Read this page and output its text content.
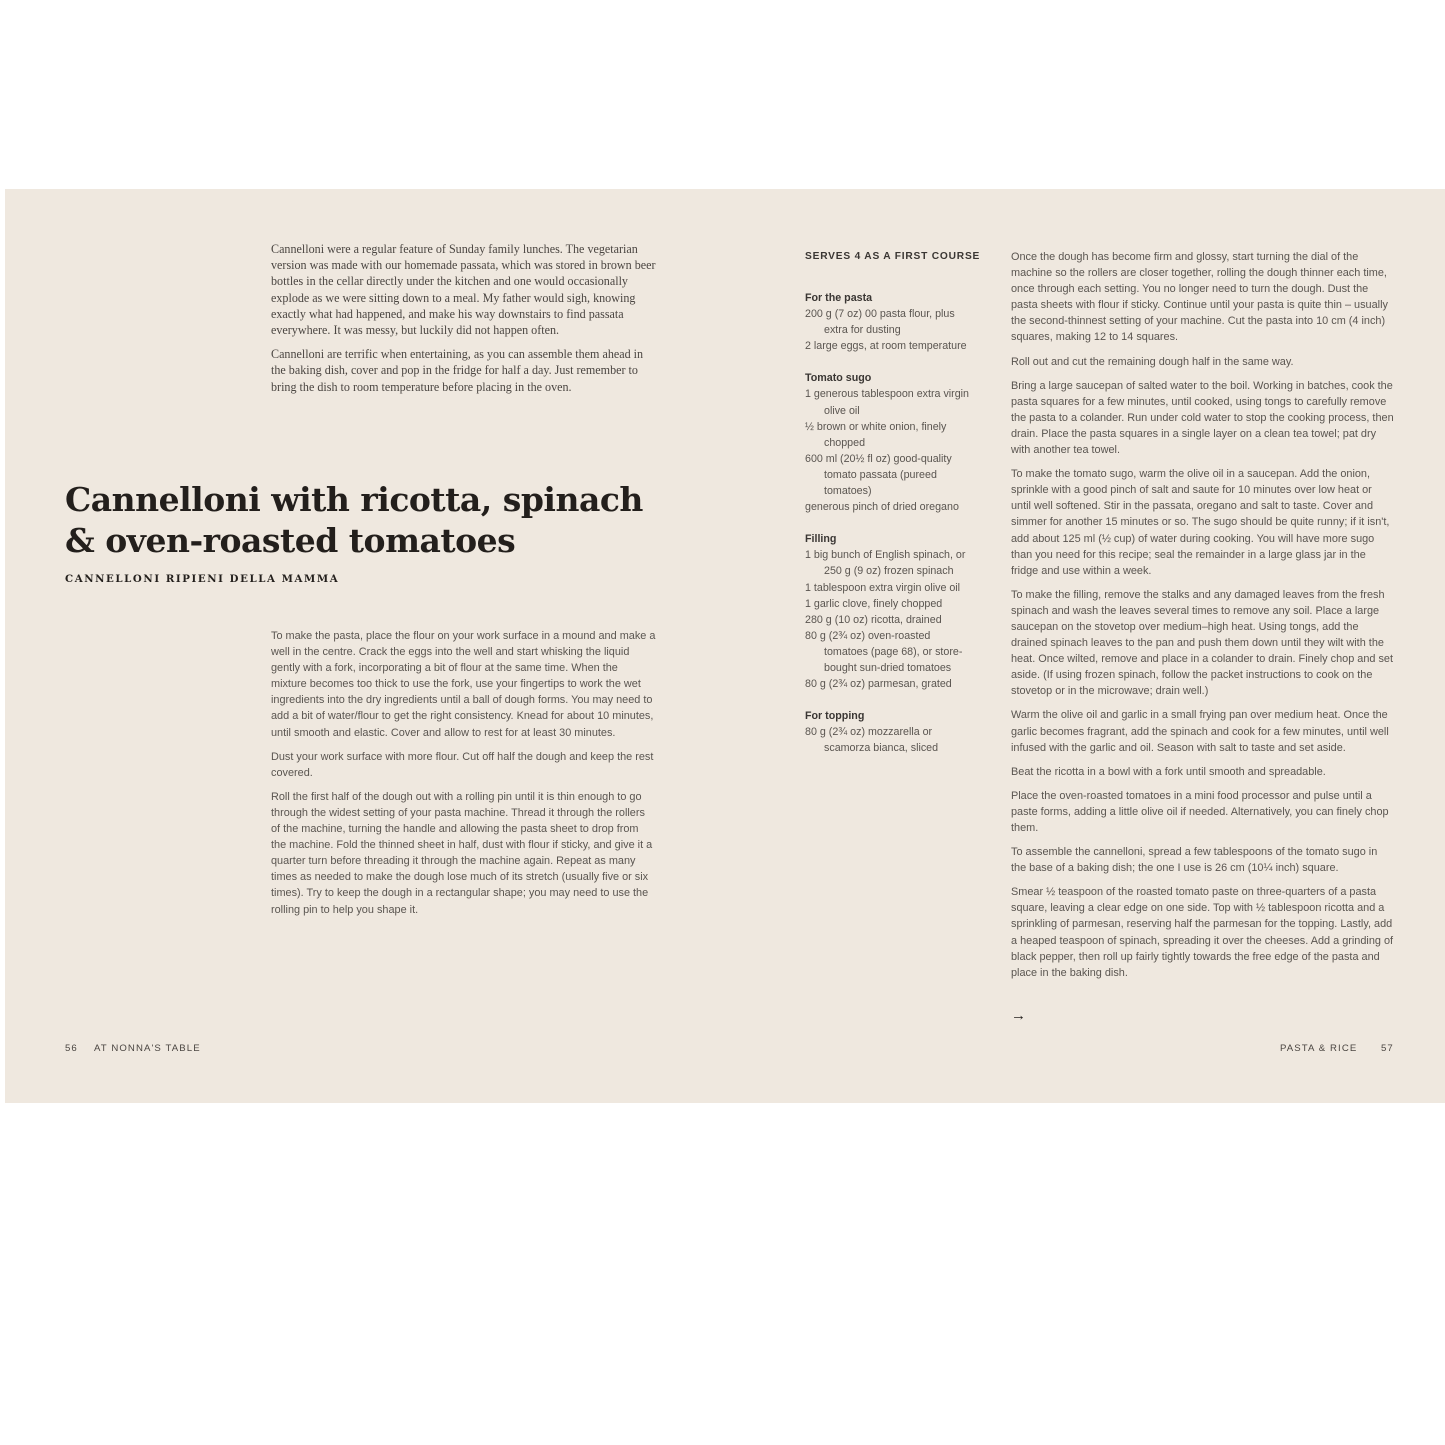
Cannelloni were a regular feature of Sunday family lunches. The vegetarian version was made with our homemade passata, which was stored in brown beer bottles in the cellar directly under the kitchen and one would occasionally explode as we were sitting down to a meal. My father would sigh, knowing exactly what had happened, and make his way downstairs to find passata everywhere. It was messy, but luckily did not happen often.

Cannelloni are terrific when entertaining, as you can assemble them ahead in the baking dish, cover and pop in the fridge for half a day. Just remember to bring the dish to room temperature before placing in the oven.

Cannelloni with ricotta, spinach & oven-roasted tomatoes
CANNELLONI RIPIENI DELLA MAMMA

To make the pasta, place the flour on your work surface in a mound and make a well in the centre. Crack the eggs into the well and start whisking the liquid gently with a fork, incorporating a bit of flour at the same time. When the mixture becomes too thick to use the fork, use your fingertips to work the wet ingredients into the dry ingredients until a ball of dough forms. You may need to add a bit of water/flour to get the right consistency. Knead for about 10 minutes, until smooth and elastic. Cover and allow to rest for at least 30 minutes.

Dust your work surface with more flour. Cut off half the dough and keep the rest covered.

Roll the first half of the dough out with a rolling pin until it is thin enough to go through the widest setting of your pasta machine. Thread it through the rollers of the machine, turning the handle and allowing the pasta sheet to drop from the machine. Fold the thinned sheet in half, dust with flour if sticky, and give it a quarter turn before threading it through the machine again. Repeat as many times as needed to make the dough lose much of its stretch (usually five or six times). Try to keep the dough in a rectangular shape; you may need to use the rolling pin to help you shape it.

56 AT NONNA'S TABLE
SERVES 4 AS A FIRST COURSE
For the pasta
200 g (7 oz) 00 pasta flour, plus extra for dusting
2 large eggs, at room temperature
Tomato sugo
1 generous tablespoon extra virgin olive oil
½ brown or white onion, finely chopped
600 ml (20½ fl oz) good-quality tomato passata (pureed tomatoes)
generous pinch of dried oregano
Filling
1 big bunch of English spinach, or 250 g (9 oz) frozen spinach
1 tablespoon extra virgin olive oil
1 garlic clove, finely chopped
280 g (10 oz) ricotta, drained
80 g (2¾ oz) oven-roasted tomatoes (page 68), or store-bought sun-dried tomatoes
80 g (2¾ oz) parmesan, grated
For topping
80 g (2¾ oz) mozzarella or scamorza bianca, sliced

Once the dough has become firm and glossy, start turning the dial of the machine so the rollers are closer together, rolling the dough thinner each time, once through each setting. You no longer need to turn the dough. Dust the pasta sheets with flour if sticky. Continue until your pasta is quite thin – usually the second-thinnest setting of your machine. Cut the pasta into 10 cm (4 inch) squares, making 12 to 14 squares.

Roll out and cut the remaining dough half in the same way.

Bring a large saucepan of salted water to the boil. Working in batches, cook the pasta squares for a few minutes, until cooked, using tongs to carefully remove the pasta to a colander. Run under cold water to stop the cooking process, then drain. Place the pasta squares in a single layer on a clean tea towel; pat dry with another tea towel.

To make the tomato sugo, warm the olive oil in a saucepan. Add the onion, sprinkle with a good pinch of salt and saute for 10 minutes over low heat or until well softened. Stir in the passata, oregano and salt to taste. Cover and simmer for another 15 minutes or so. The sugo should be quite runny; if it isn't, add about 125 ml (½ cup) of water during cooking. You will have more sugo than you need for this recipe; seal the remainder in a large glass jar in the fridge and use within a week.

To make the filling, remove the stalks and any damaged leaves from the fresh spinach and wash the leaves several times to remove any soil. Place a large saucepan on the stovetop over medium–high heat. Using tongs, add the drained spinach leaves to the pan and push them down until they wilt with the heat. Once wilted, remove and place in a colander to drain. Finely chop and set aside. (If using frozen spinach, follow the packet instructions to cook on the stovetop or in the microwave; drain well.)

Warm the olive oil and garlic in a small frying pan over medium heat. Once the garlic becomes fragrant, add the spinach and cook for a few minutes, until well infused with the garlic and oil. Season with salt to taste and set aside.

Beat the ricotta in a bowl with a fork until smooth and spreadable.

Place the oven-roasted tomatoes in a mini food processor and pulse until a paste forms, adding a little olive oil if needed. Alternatively, you can finely chop them.

To assemble the cannelloni, spread a few tablespoons of the tomato sugo in the base of a baking dish; the one I use is 26 cm (10¼ inch) square.

Smear ½ teaspoon of the roasted tomato paste on three-quarters of a pasta square, leaving a clear edge on one side. Top with ½ tablespoon ricotta and a sprinkling of parmesan, reserving half the parmesan for the topping. Lastly, add a heaped teaspoon of spinach, spreading it over the cheeses. Add a grinding of black pepper, then roll up fairly tightly towards the free edge of the pasta and place in the baking dish.

→
PASTA & RICE 57
